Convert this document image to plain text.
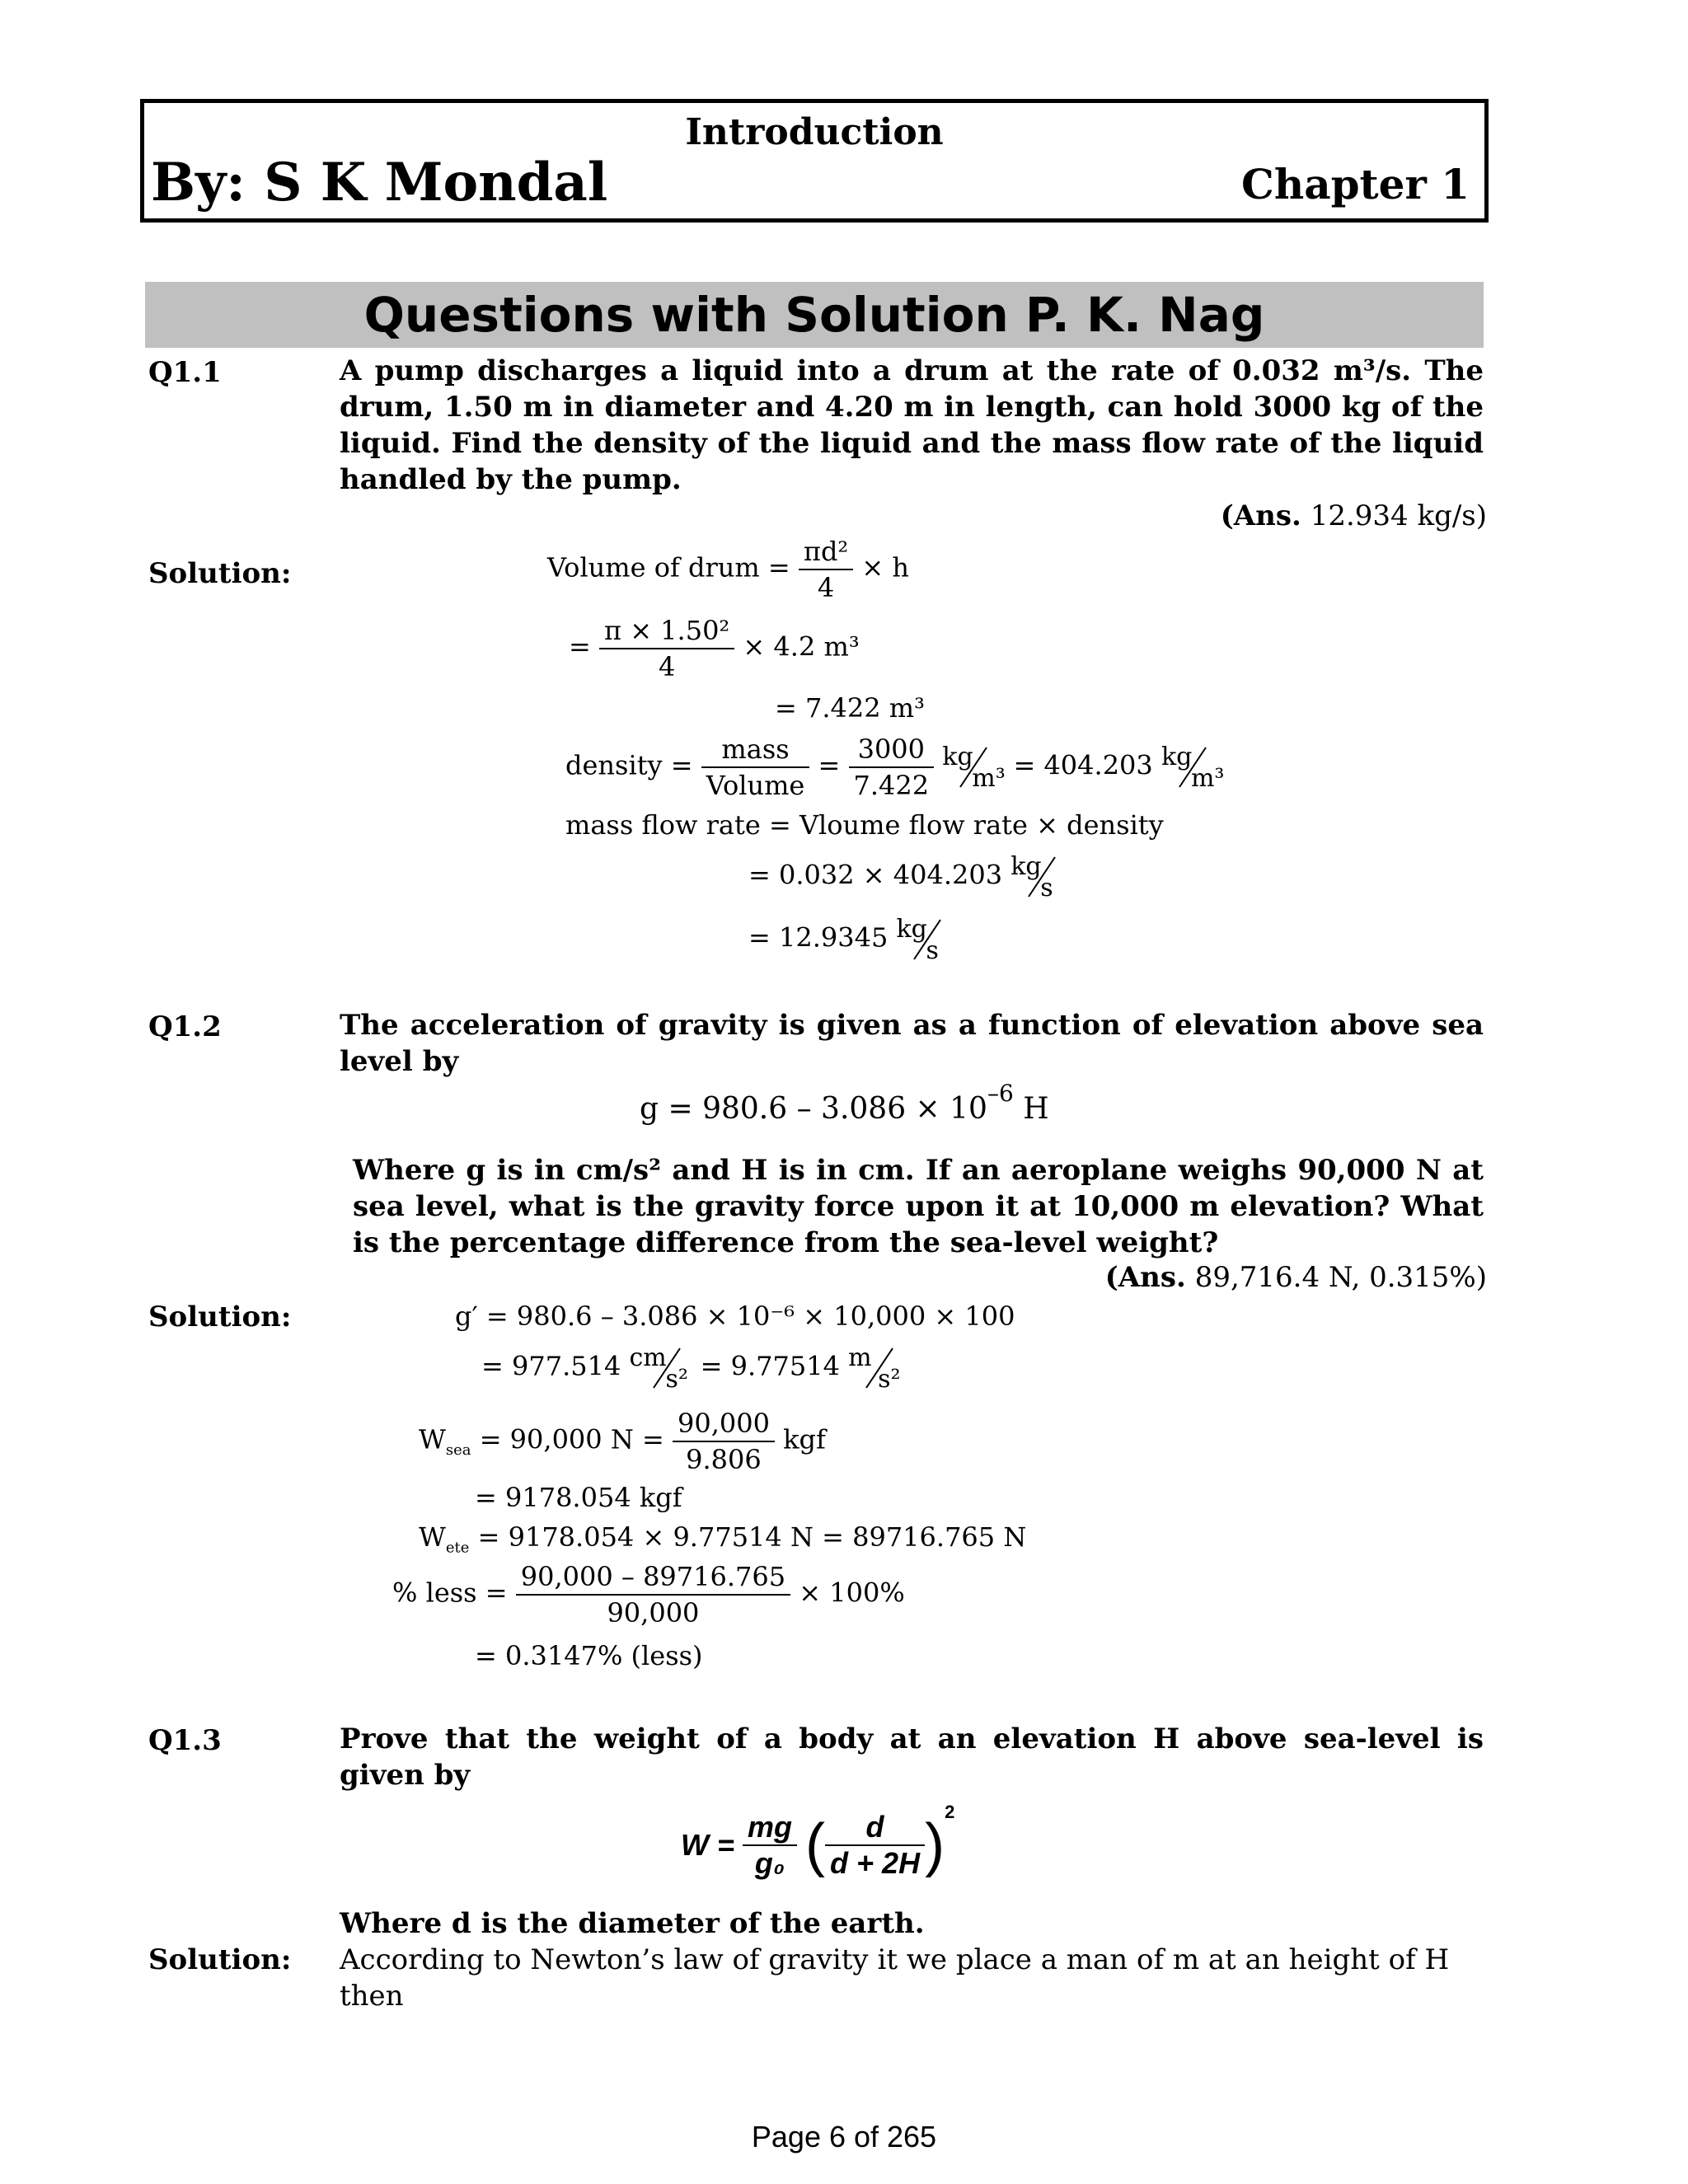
Introduction
By: S K Mondal	Chapter 1
Questions with Solution P. K. Nag
Q1.1	A pump discharges a liquid into a drum at the rate of 0.032 m³/s. The drum, 1.50 m in diameter and 4.20 m in length, can hold 3000 kg of the liquid. Find the density of the liquid and the mass flow rate of the liquid handled by the pump.
(Ans. 12.934 kg/s)
Solution:	Volume of drum = $\frac{\text{πd²}}{4} \times h$
= $\frac{\text{π × 1.50²}}{4} \times 4.2$ m³
= 7.422 m³
density = $\frac{\text{mass}}{\text{Volume}} = \frac{3000}{7.422}$
kg
m³ = 404.203 kg
m³
mass flow rate = Vloume flow rate × density
= 0.032 × 404.203 kg
s
= 12.9345 kg
s
Q1.2	The acceleration of gravity is given as a function of elevation above sea level by
$g = 980.6 - 3.086 \times 10^{-6}$ H
Where g is in cm/s² and H is in cm. If an aeroplane weighs 90,000 N at sea level, what is the gravity force upon it at 10,000 m elevation? What is the percentage difference from the sea-level weight?
(Ans. 89,716.4 N, 0.315%)
Solution:	g′ = 980.6 – 3.086 × 10⁻⁶ × 10,000 × 100
= 977.514 cm
s² = 9.77514 m
s²
$W_{sea} = 90,000$ $N = \frac{90,000}{9.806}$ kgf
= 9178.054 kgf
$W_{ete} = 9178.054 \times 9.77514$ N = 89716.765 N
% less = $\frac{90,000 - 89716.765}{90,000} \times 100\%$
= 0.3147% (less)
Q1.3	Prove that the weight of a body at an elevation H above sea-level is given by
$W = \frac{mg}{\text{g₀}}$ ( $\frac{d}{d + 2H} )^2$
Where d is the diameter of the earth.
Solution: According to Newton’s law of gravity it we place a man of m at an height of H then
Page 6 of 265
